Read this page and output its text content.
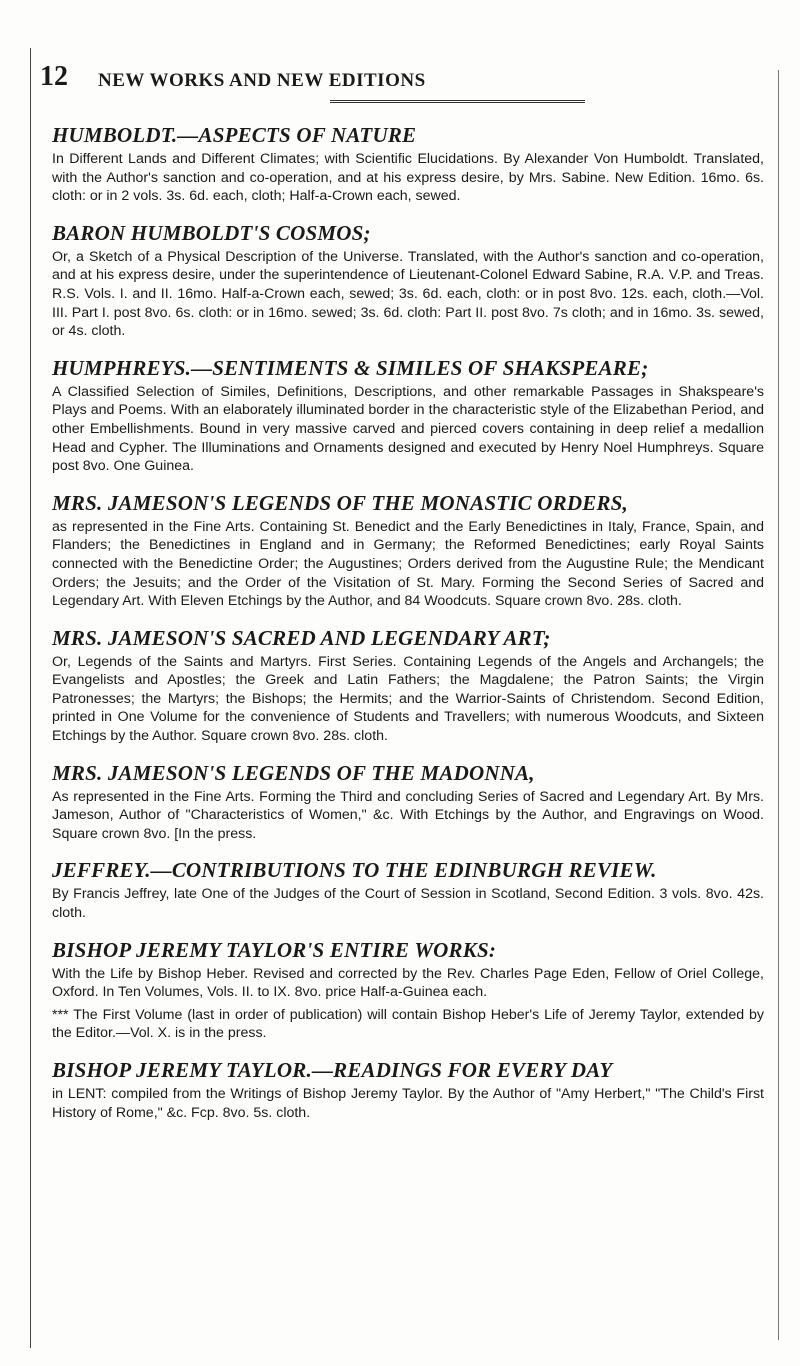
12 NEW WORKS AND NEW EDITIONS
HUMBOLDT.—ASPECTS OF NATURE

In Different Lands and Different Climates; with Scientific Elucidations. By Alexander Von Humboldt. Translated, with the Author's sanction and co-operation, and at his express desire, by Mrs. Sabine. New Edition. 16mo. 6s. cloth: or in 2 vols. 3s. 6d. each, cloth; Half-a-Crown each, sewed.

BARON HUMBOLDT'S COSMOS;

Or, a Sketch of a Physical Description of the Universe. Translated, with the Author's sanction and co-operation, and at his express desire, under the superintendence of Lieutenant-Colonel Edward Sabine, R.A. V.P. and Treas. R.S. Vols. I. and II. 16mo. Half-a-Crown each, sewed; 3s. 6d. each, cloth: or in post 8vo. 12s. each, cloth.—Vol. III. Part I. post 8vo. 6s. cloth: or in 16mo. sewed; 3s. 6d. cloth: Part II. post 8vo. 7s cloth; and in 16mo. 3s. sewed, or 4s. cloth.

HUMPHREYS.—SENTIMENTS & SIMILES OF SHAKSPEARE;

A Classified Selection of Similes, Definitions, Descriptions, and other remarkable Passages in Shakspeare's Plays and Poems. With an elaborately illuminated border in the characteristic style of the Elizabethan Period, and other Embellishments. Bound in very massive carved and pierced covers containing in deep relief a medallion Head and Cypher. The Illuminations and Ornaments designed and executed by Henry Noel Humphreys. Square post 8vo. One Guinea.

MRS. JAMESON'S LEGENDS OF THE MONASTIC ORDERS,

as represented in the Fine Arts. Containing St. Benedict and the Early Benedictines in Italy, France, Spain, and Flanders; the Benedictines in England and in Germany; the Reformed Benedictines; early Royal Saints connected with the Benedictine Order; the Augustines; Orders derived from the Augustine Rule; the Mendicant Orders; the Jesuits; and the Order of the Visitation of St. Mary. Forming the Second Series of Sacred and Legendary Art. With Eleven Etchings by the Author, and 84 Woodcuts. Square crown 8vo. 28s. cloth.

MRS. JAMESON'S SACRED AND LEGENDARY ART;

Or, Legends of the Saints and Martyrs. First Series. Containing Legends of the Angels and Archangels; the Evangelists and Apostles; the Greek and Latin Fathers; the Magdalene; the Patron Saints; the Virgin Patronesses; the Martyrs; the Bishops; the Hermits; and the Warrior-Saints of Christendom. Second Edition, printed in One Volume for the convenience of Students and Travellers; with numerous Woodcuts, and Sixteen Etchings by the Author. Square crown 8vo. 28s. cloth.

MRS. JAMESON'S LEGENDS OF THE MADONNA,

As represented in the Fine Arts. Forming the Third and concluding Series of Sacred and Legendary Art. By Mrs. Jameson, Author of "Characteristics of Women," &c. With Etchings by the Author, and Engravings on Wood. Square crown 8vo. [In the press.

JEFFREY.—CONTRIBUTIONS TO THE EDINBURGH REVIEW.

By Francis Jeffrey, late One of the Judges of the Court of Session in Scotland, Second Edition. 3 vols. 8vo. 42s. cloth.

BISHOP JEREMY TAYLOR'S ENTIRE WORKS:

With the Life by Bishop Heber. Revised and corrected by the Rev. Charles Page Eden, Fellow of Oriel College, Oxford. In Ten Volumes, Vols. II. to IX. 8vo. price Half-a-Guinea each.

*** The First Volume (last in order of publication) will contain Bishop Heber's Life of Jeremy Taylor, extended by the Editor.—Vol. X. is in the press.

BISHOP JEREMY TAYLOR.—READINGS FOR EVERY DAY

in LENT: compiled from the Writings of Bishop Jeremy Taylor. By the Author of "Amy Herbert," "The Child's First History of Rome," &c. Fcp. 8vo. 5s. cloth.
